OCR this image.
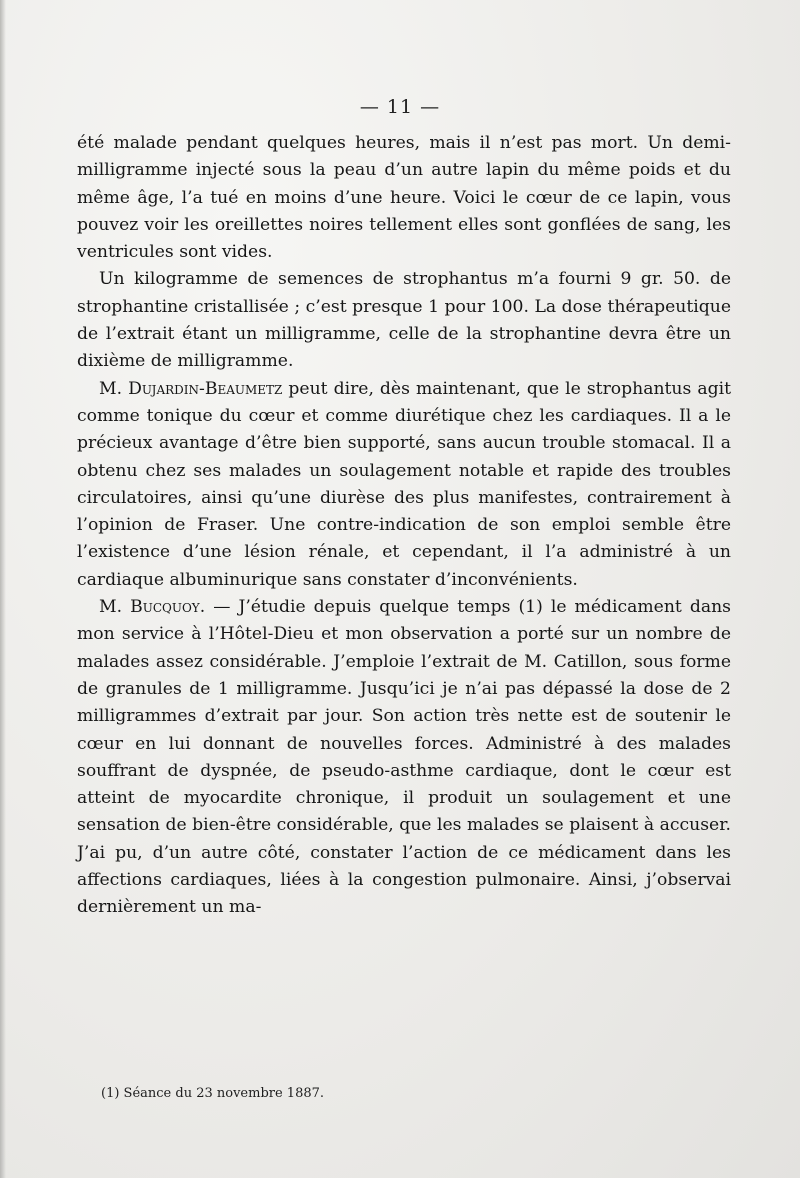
— 11 —

été malade pendant quelques heures, mais il n’est pas mort. Un demi-milligramme injecté sous la peau d’un autre lapin du même poids et du même âge, l’a tué en moins d’une heure. Voici le cœur de ce lapin, vous pouvez voir les oreillettes noires tellement elles sont gonflées de sang, les ventricules sont vides.

Un kilogramme de semences de strophantus m’a fourni 9 gr. 50. de strophantine cristallisée ; c’est presque 1 pour 100. La dose thérapeutique de l’extrait étant un milligramme, celle de la strophantine devra être un dixième de milligramme.

M. Dujardin-Beaumetz peut dire, dès maintenant, que le strophantus agit comme tonique du cœur et comme diurétique chez les cardiaques. Il a le précieux avantage d’être bien supporté, sans aucun trouble stomacal. Il a obtenu chez ses malades un soulagement notable et rapide des troubles circulatoires, ainsi qu’une diurèse des plus manifestes, contrairement à l’opinion de Fraser. Une contre-indication de son emploi semble être l’existence d’une lésion rénale, et cependant, il l’a administré à un cardiaque albuminurique sans constater d’inconvénients.

M. Bucquoy. — J’étudie depuis quelque temps (1) le médicament dans mon service à l’Hôtel-Dieu et mon observation a porté sur un nombre de malades assez considérable. J’emploie l’extrait de M. Catillon, sous forme de granules de 1 milligramme. Jusqu’ici je n’ai pas dépassé la dose de 2 milligrammes d’extrait par jour. Son action très nette est de soutenir le cœur en lui donnant de nouvelles forces. Administré à des malades souffrant de dyspnée, de pseudo-asthme cardiaque, dont le cœur est atteint de myocardite chronique, il produit un soulagement et une sensation de bien-être considérable, que les malades se plaisent à accuser. J’ai pu, d’un autre côté, constater l’action de ce médicament dans les affections cardiaques, liées à la congestion pulmonaire. Ainsi, j’observai dernièrement un ma-

(1) Séance du 23 novembre 1887.
